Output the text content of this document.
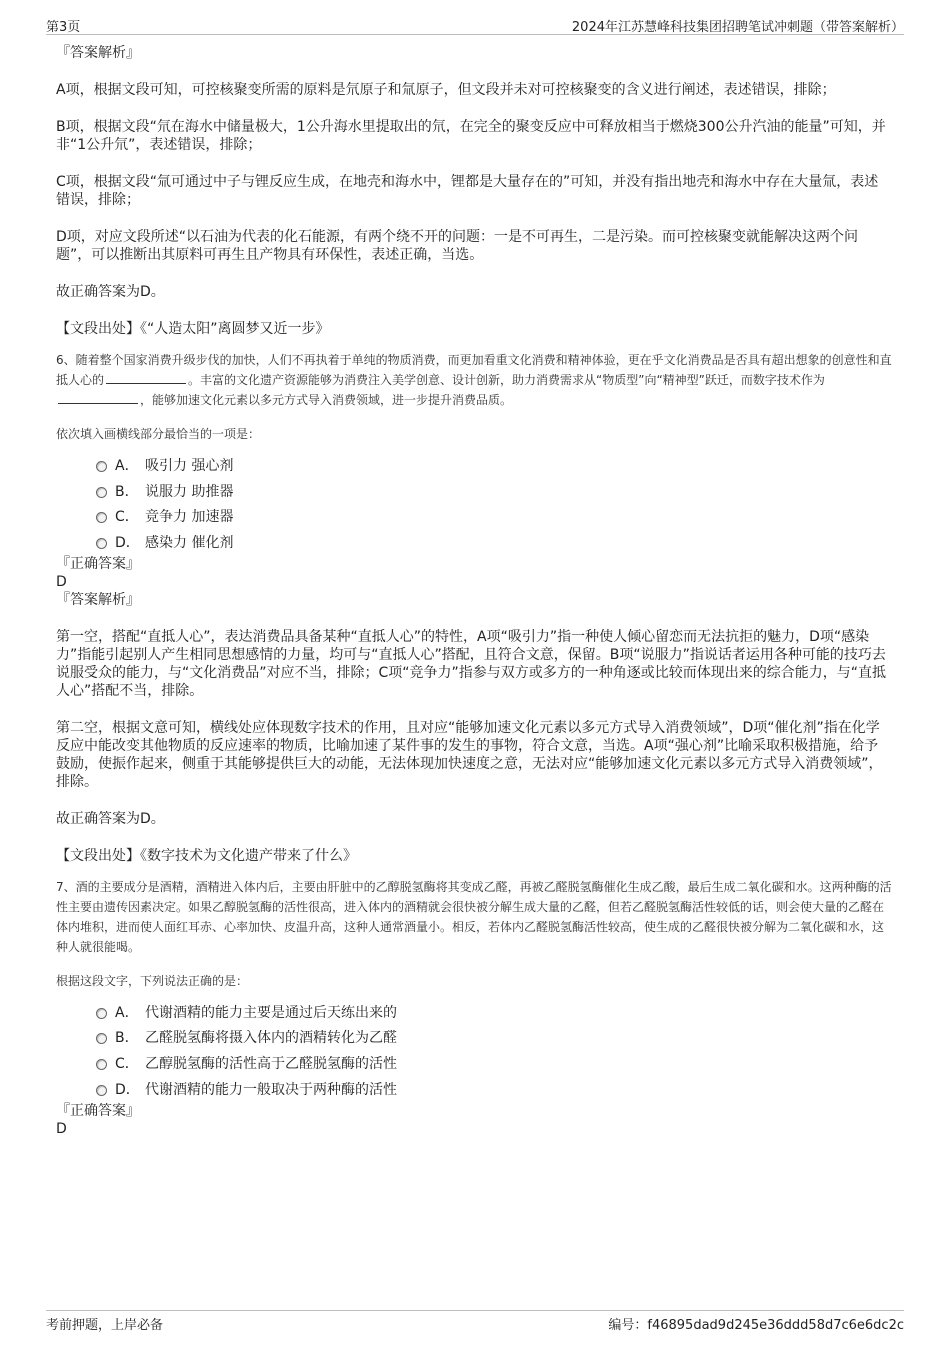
第3页	2024年江苏慧峰科技集团招聘笔试冲刺题（带答案解析）

『答案解析』

A项，根据文段可知，可控核聚变所需的原料是氘原子和氚原子，但文段并未对可控核聚变的含义进行阐述，表述错误，排除；

B项，根据文段“氘在海水中储量极大，1公升海水里提取出的氘，在完全的聚变反应中可释放相当于燃烧300公升汽油的能量”可知，并非“1公升氘”，表述错误，排除；

C项，根据文段“氚可通过中子与锂反应生成，在地壳和海水中，锂都是大量存在的”可知，并没有指出地壳和海水中存在大量氚，表述错误，排除；

D项，对应文段所述“以石油为代表的化石能源，有两个绕不开的问题：一是不可再生，二是污染。而可控核聚变就能解决这两个问题”，可以推断出其原料可再生且产物具有环保性，表述正确，当选。

故正确答案为D。

【文段出处】《“人造太阳”离圆梦又近一步》

6、随着整个国家消费升级步伐的加快，人们不再执着于单纯的物质消费，而更加看重文化消费和精神体验，更在乎文化消费品是否具有超出想象的创意性和直抵人心的	。丰富的文化遗产资源能够为消费注入美学创意、设计创新，助力消费需求从“物质型”向“精神型”跃迁，而数字技术作为，能够加速文化元素以多元方式导入消费领域，进一步提升消费品质。

依次填入画横线部分最恰当的一项是：

A． 吸引力 强心剂
B． 说服力 助推器
C． 竞争力 加速器
D． 感染力 催化剂

『正确答案』

D

『答案解析』

第一空，搭配“直抵人心”，表达消费品具备某种“直抵人心”的特性，A项“吸引力”指一种使人倾心留恋而无法抗拒的魅力，D项“感染力”指能引起别人产生相同思想感情的力量，均可与“直抵人心”搭配，且符合文意，保留。B项“说服力”指说话者运用各种可能的技巧去说服受众的能力，与“文化消费品”对应不当，排除；C项“竞争力”指参与双方或多方的一种角逐或比较而体现出来的综合能力，与“直抵人心”搭配不当，排除。

第二空，根据文意可知，横线处应体现数字技术的作用，且对应“能够加速文化元素以多元方式导入消费领域”，D项“催化剂”指在化学反应中能改变其他物质的反应速率的物质，比喻加速了某件事的发生的事物，符合文意，当选。A项“强心剂”比喻采取积极措施，给予鼓励，使振作起来，侧重于其能够提供巨大的动能，无法体现加快速度之意，无法对应“能够加速文化元素以多元方式导入消费领域”，排除。

故正确答案为D。

【文段出处】《数字技术为文化遗产带来了什么》

7、酒的主要成分是酒精，酒精进入体内后，主要由肝脏中的乙醇脱氢酶将其变成乙醛，再被乙醛脱氢酶催化生成乙酸，最后生成二氧化碳和水。这两种酶的活性主要由遗传因素决定。如果乙醇脱氢酶的活性很高，进入体内的酒精就会很快被分解生成大量的乙醛，但若乙醛脱氢酶活性较低的话，则会使大量的乙醛在体内堆积，进而使人面红耳赤、心率加快、皮温升高，这种人通常酒量小。相反，若体内乙醛脱氢酶活性较高，使生成的乙醛很快被分解为二氧化碳和水，这种人就很能喝。

根据这段文字，下列说法正确的是：

A． 代谢酒精的能力主要是通过后天练出来的
B． 乙醛脱氢酶将摄入体内的酒精转化为乙醛
C． 乙醇脱氢酶的活性高于乙醛脱氢酶的活性
D． 代谢酒精的能力一般取决于两种酶的活性

『正确答案』

D

考前押题，上岸必备	编号：f46895dad9d245e36ddd58d7c6e6dc2c
